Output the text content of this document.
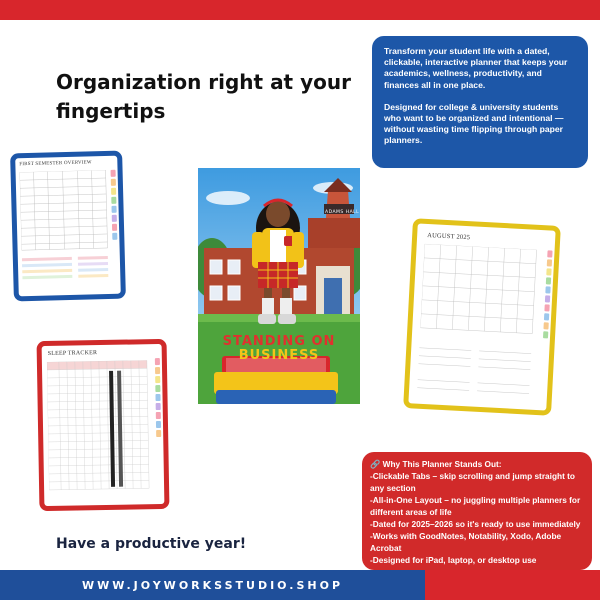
Organization right at your fingertips

Transform your student life with a dated, clickable, interactive planner that keeps your academics, wellness, productivity, and finances all in one place.

Designed for college & university students who want to be organized and intentional — without wasting time flipping through paper planners.

FIRST SEMESTER OVERVIEW
SLEEP TRACKER
AUGUST 2025
ADAMS HALL
STANDING ON
BUSINESS
🔗 Why This Planner Stands Out:
-Clickable Tabs – skip scrolling and jump straight to any section
-All-in-One Layout – no juggling multiple planners for different areas of life
-Dated for 2025–2026 so it's ready to use immediately
-Works with GoodNotes, Notability, Xodo, Adobe Acrobat
-Designed for iPad, laptop, or desktop use
Have a productive year!
WWW.JOYWORKSSTUDIO.SHOP
